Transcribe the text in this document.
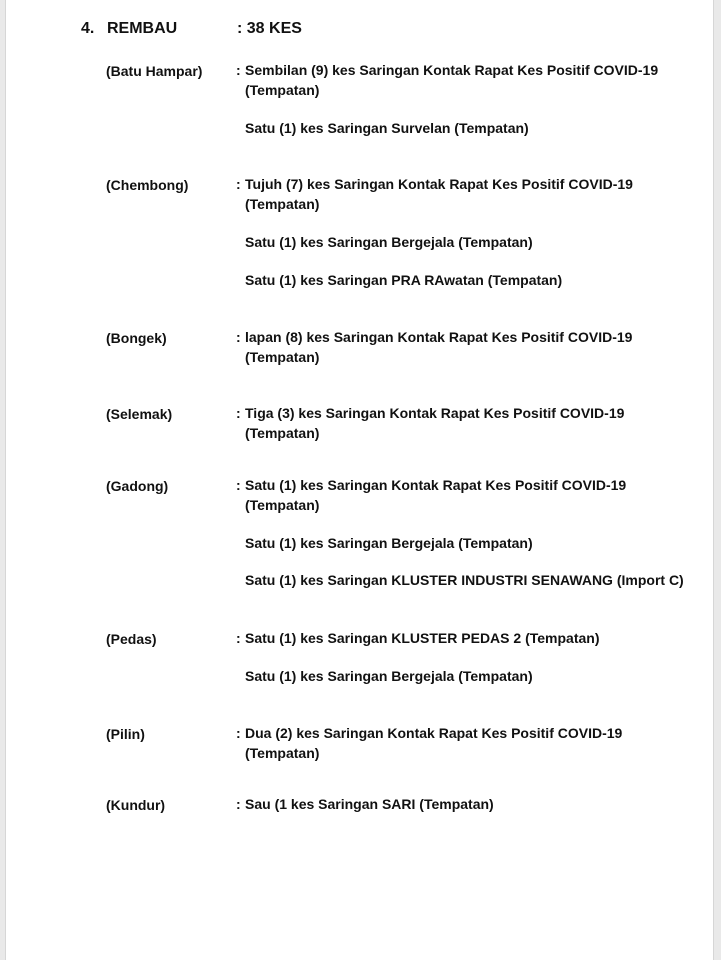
4. REMBAU	: 38 KES
(Batu Hampar) : Sembilan (9) kes Saringan Kontak Rapat Kes Positif COVID-19 (Tempatan)
Satu (1) kes Saringan Survelan (Tempatan)
(Chembong)	: Tujuh (7) kes Saringan Kontak Rapat Kes Positif COVID-19 (Tempatan)
Satu (1) kes Saringan Bergejala (Tempatan)
Satu (1) kes Saringan PRA RAwatan (Tempatan)
(Bongek)	: lapan (8) kes Saringan Kontak Rapat Kes Positif COVID-19 (Tempatan)
(Selemak)	: Tiga (3) kes Saringan Kontak Rapat Kes Positif COVID-19 (Tempatan)
(Gadong)	: Satu (1) kes Saringan Kontak Rapat Kes Positif COVID-19 (Tempatan)
Satu (1) kes Saringan Bergejala (Tempatan)
Satu (1) kes Saringan KLUSTER INDUSTRI SENAWANG (Import C)
(Pedas)	: Satu (1) kes Saringan KLUSTER PEDAS 2 (Tempatan)
Satu (1) kes Saringan Bergejala (Tempatan)
(Pilin)	: Dua (2) kes Saringan Kontak Rapat Kes Positif COVID-19 (Tempatan)
(Kundur)	: Sau (1 kes Saringan SARI (Tempatan)
